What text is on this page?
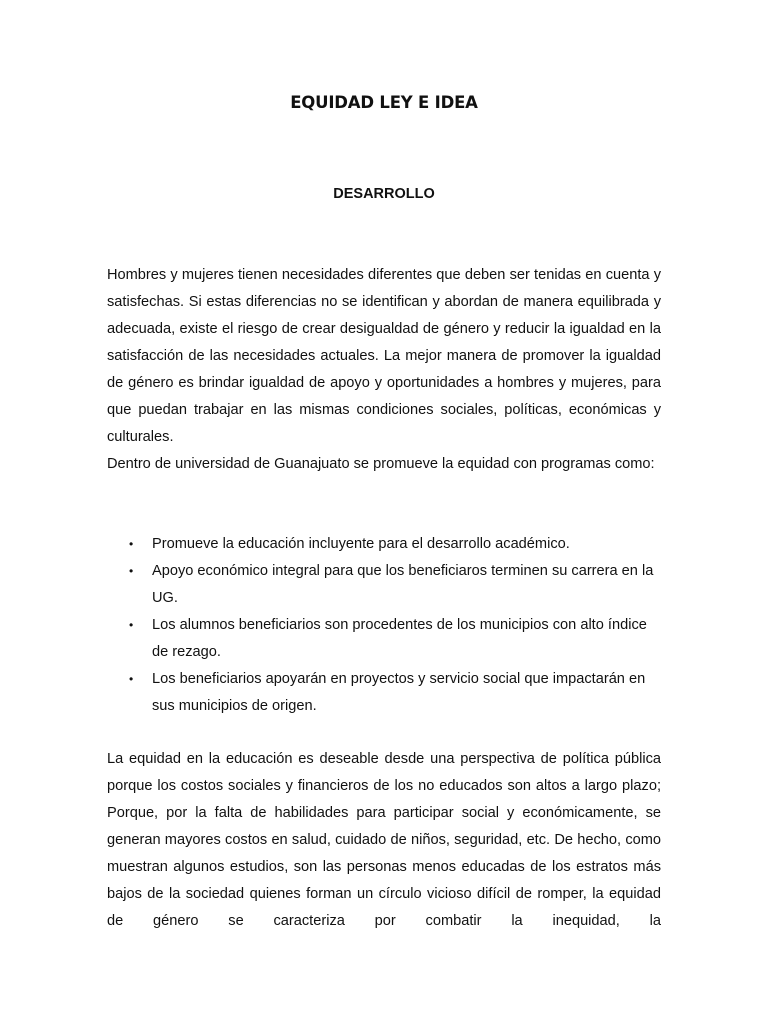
EQUIDAD LEY E IDEA
DESARROLLO

Hombres y mujeres tienen necesidades diferentes que deben ser tenidas en cuenta y satisfechas. Si estas diferencias no se identifican y abordan de manera equilibrada y adecuada, existe el riesgo de crear desigualdad de género y reducir la igualdad en la satisfacción de las necesidades actuales. La mejor manera de promover la igualdad de género es brindar igualdad de apoyo y oportunidades a hombres y mujeres, para que puedan trabajar en las mismas condiciones sociales, políticas, económicas y culturales.

Dentro de universidad de Guanajuato se promueve la equidad con programas como:

• Promueve la educación incluyente para el desarrollo académico.
• Apoyo económico integral para que los beneficiaros terminen su carrera en la UG.
• Los alumnos beneficiarios son procedentes de los municipios con alto índice de rezago.
• Los beneficiarios apoyarán en proyectos y servicio social que impactarán en sus municipios de origen.

La equidad en la educación es deseable desde una perspectiva de política pública porque los costos sociales y financieros de los no educados son altos a largo plazo; Porque, por la falta de habilidades para participar social y económicamente, se generan mayores costos en salud, cuidado de niños, seguridad, etc. De hecho, como muestran algunos estudios, son las personas menos educadas de los estratos más bajos de la sociedad quienes forman un círculo vicioso difícil de romper, la equidad de género se caracteriza por combatir la inequidad, la
